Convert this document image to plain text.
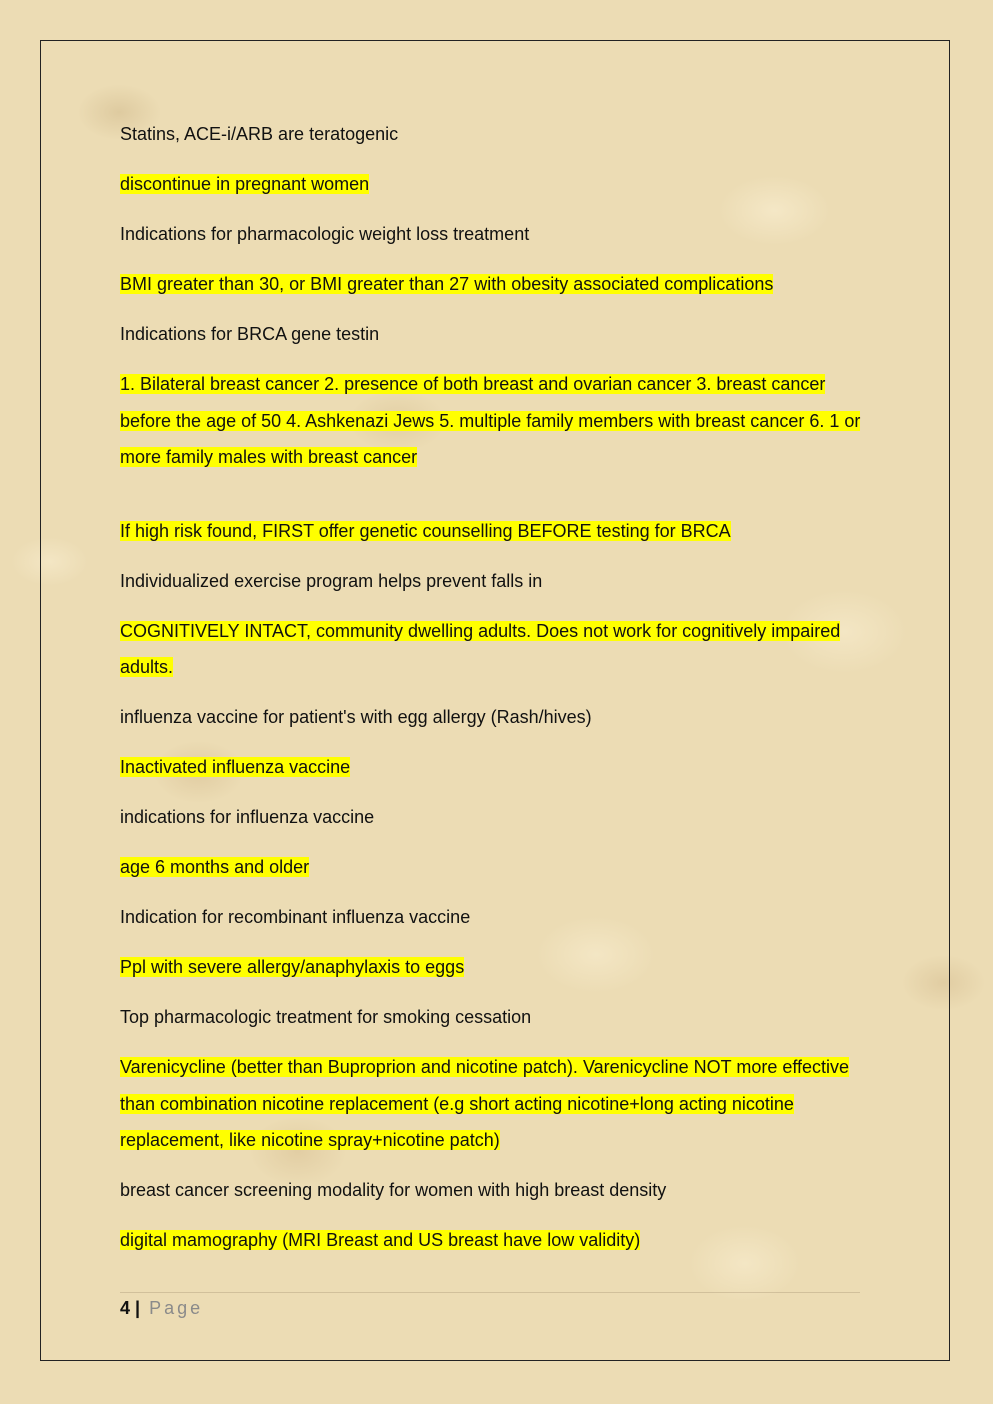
Statins, ACE-i/ARB are teratogenic

discontinue in pregnant women

Indications for pharmacologic weight loss treatment

BMI greater than 30, or BMI greater than 27 with obesity associated complications

Indications for BRCA gene testin

1. Bilateral breast cancer 2. presence of both breast and ovarian cancer 3. breast cancer before the age of 50 4. Ashkenazi Jews 5. multiple family members with breast cancer 6. 1 or more family males with breast cancer

If high risk found, FIRST offer genetic counselling BEFORE testing for BRCA

Individualized exercise program helps prevent falls in

COGNITIVELY INTACT, community dwelling adults. Does not work for cognitively impaired adults.

influenza vaccine for patient's with egg allergy (Rash/hives)

Inactivated influenza vaccine

indications for influenza vaccine

age 6 months and older

Indication for recombinant influenza vaccine

Ppl with severe allergy/anaphylaxis to eggs

Top pharmacologic treatment for smoking cessation

Varenicycline (better than Buproprion and nicotine patch). Varenicycline NOT more effective than combination nicotine replacement (e.g short acting nicotine+long acting nicotine replacement, like nicotine spray+nicotine patch)

breast cancer screening modality for women with high breast density

digital mamography (MRI Breast and US breast have low validity)

4 | Page
